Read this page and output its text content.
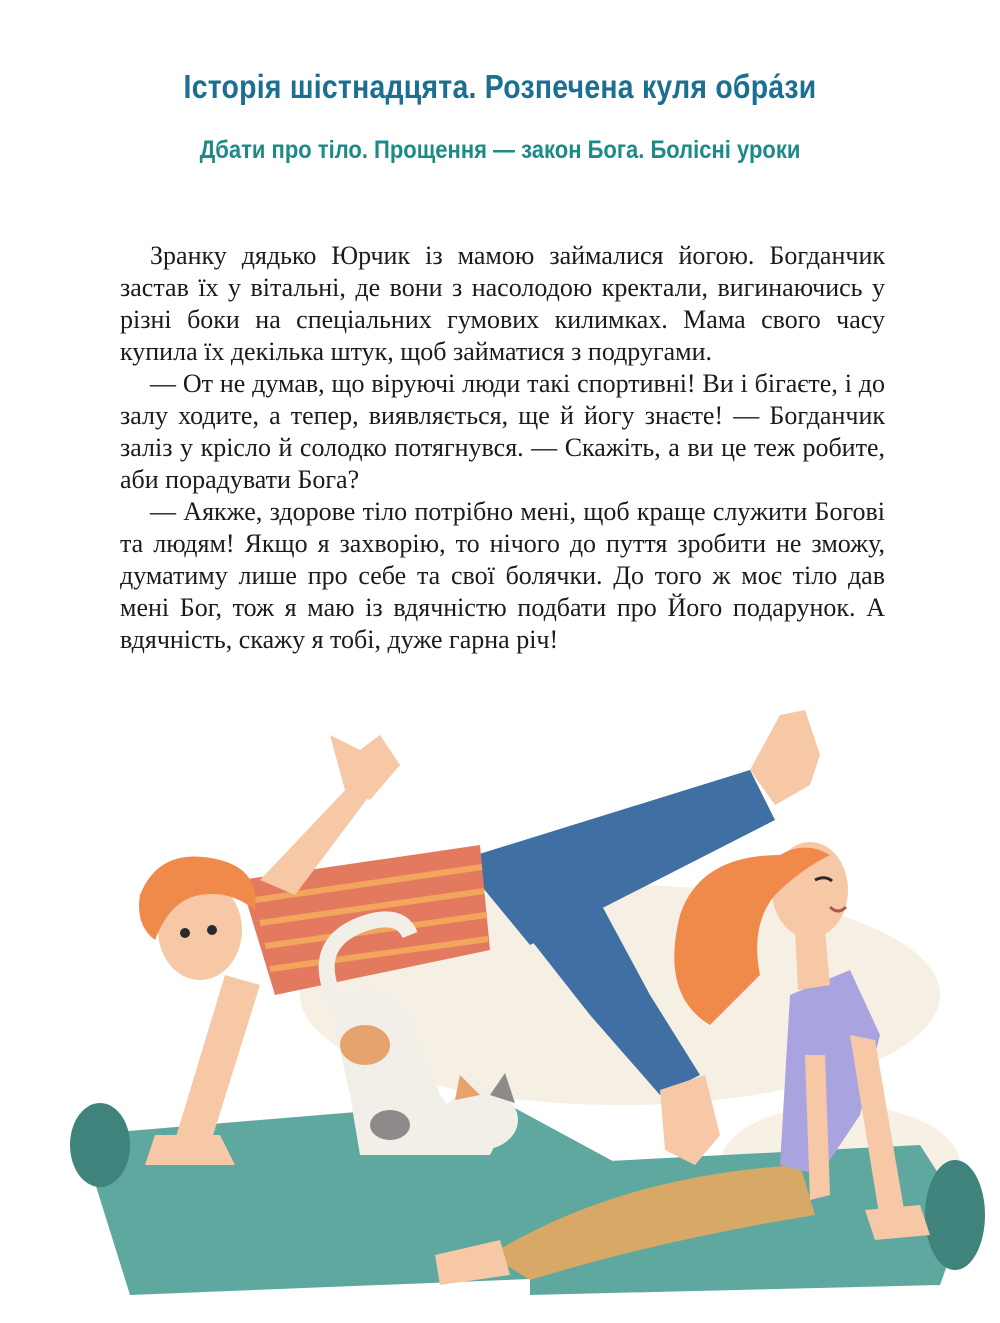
Історія шістнадцята. Розпечена куля обра́зи
Дбати про тіло. Прощення — закон Бога. Болісні уроки

Зранку дядько Юрчик із мамою займалися йогою. Богданчик застав їх у вітальні, де вони з насолодою кректали, вигинаючись у різні боки на спеціальних гумових килимках. Мама свого часу купила їх декілька штук, щоб займатися з подругами.

— От не думав, що віруючі люди такі спортивні! Ви і бігаєте, і до залу ходите, а тепер, виявляється, ще й йогу знаєте! — Богданчик заліз у крісло й солодко потягнувся. — Скажіть, а ви це теж робите, аби порадувати Бога?

— Аякже, здорове тіло потрібно мені, щоб краще служити Богові та людям! Якщо я захворію, то нічого до пуття зробити не зможу, думатиму лише про себе та свої болячки. До того ж моє тіло дав мені Бог, тож я маю із вдячністю подбати про Його подарунок. А вдячність, скажу я тобі, дуже гарна річ!
